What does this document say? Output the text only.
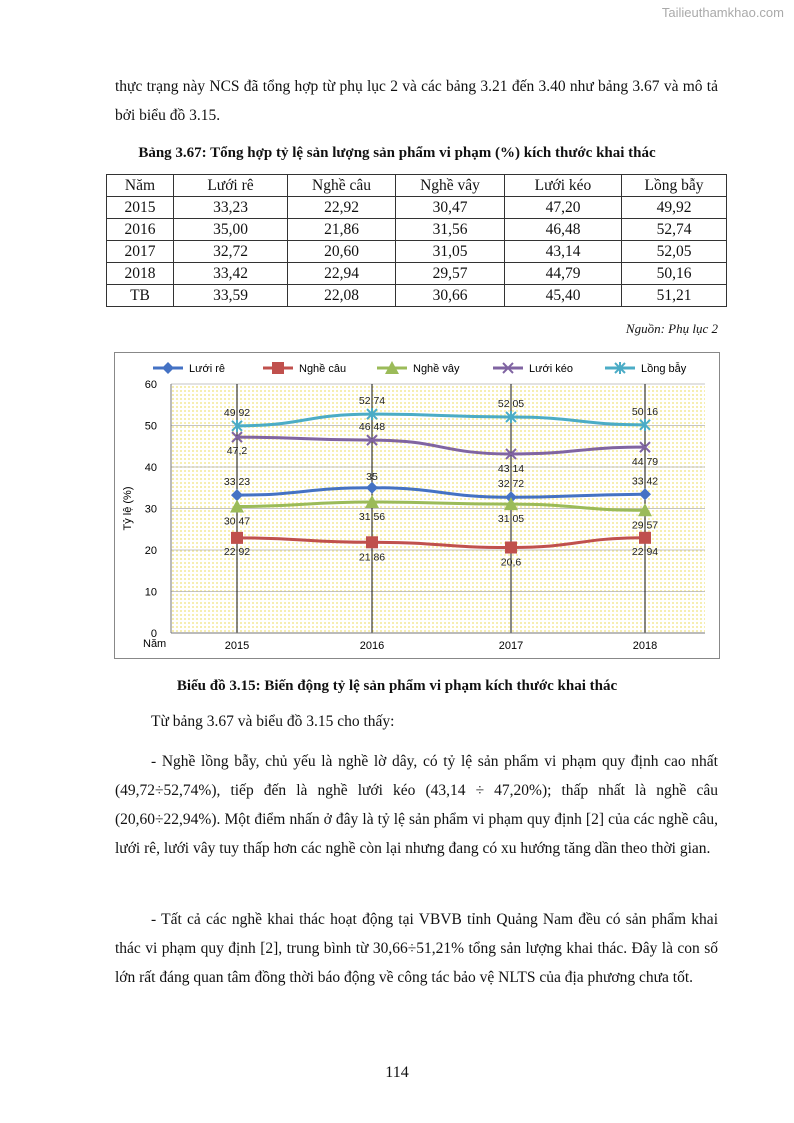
Tailieuthamkhao.com

thực trạng này NCS đã tổng hợp từ phụ lục 2 và các bảng 3.21 đến 3.40 như bảng 3.67 và mô tả bởi biểu đồ 3.15.

Bảng 3.67: Tổng hợp tỷ lệ sản lượng sản phẩm vi phạm (%) kích thước khai thác

Năm	Lưới rê	Nghề câu	Nghề vây	Lưới kéo	Lồng bẫy
2015	33,23	22,92	30,47	47,20	49,92
2016	35,00	21,86	31,56	46,48	52,74
2017	32,72	20,60	31,05	43,14	52,05
2018	33,42	22,94	29,57	44,79	50,16
TB	33,59	22,08	30,66	45,40	51,21

Nguồn: Phụ lục 2

0
10
20
30
40
50
60
2015	2016	2017	2018
Năm
Tỷ lệ (%)
33,23	35
32,72	33,42
22,92	21,86	20,6
22,94
30,47	31,56	31,05
29,57
47,2
46,48
43,14
44,79
49,92
52,74	52,05
50,16
Lưới rê	Nghề câu	Nghề vây	Lưới kéo	Lồng bẫy

Biểu đồ 3.15: Biến động tỷ lệ sản phẩm vi phạm kích thước khai thác

Từ bảng 3.67 và biểu đồ 3.15 cho thấy:

- Nghề lồng bẫy, chủ yếu là nghề lờ dây, có tỷ lệ sản phẩm vi phạm quy định cao nhất (49,72÷52,74%), tiếp đến là nghề lưới kéo (43,14 ÷ 47,20%); thấp nhất là nghề câu (20,60÷22,94%). Một điểm nhấn ở đây là tỷ lệ sản phẩm vi phạm quy định [2] của các nghề câu, lưới rê, lưới vây tuy thấp hơn các nghề còn lại nhưng đang có xu hướng tăng dần theo thời gian.

- Tất cả các nghề khai thác hoạt động tại VBVB tỉnh Quảng Nam đều có sản phẩm khai thác vi phạm quy định [2], trung bình từ 30,66÷51,21% tổng sản lượng khai thác. Đây là con số lớn rất đáng quan tâm đồng thời báo động về công tác bảo vệ NLTS của địa phương chưa tốt.

114
